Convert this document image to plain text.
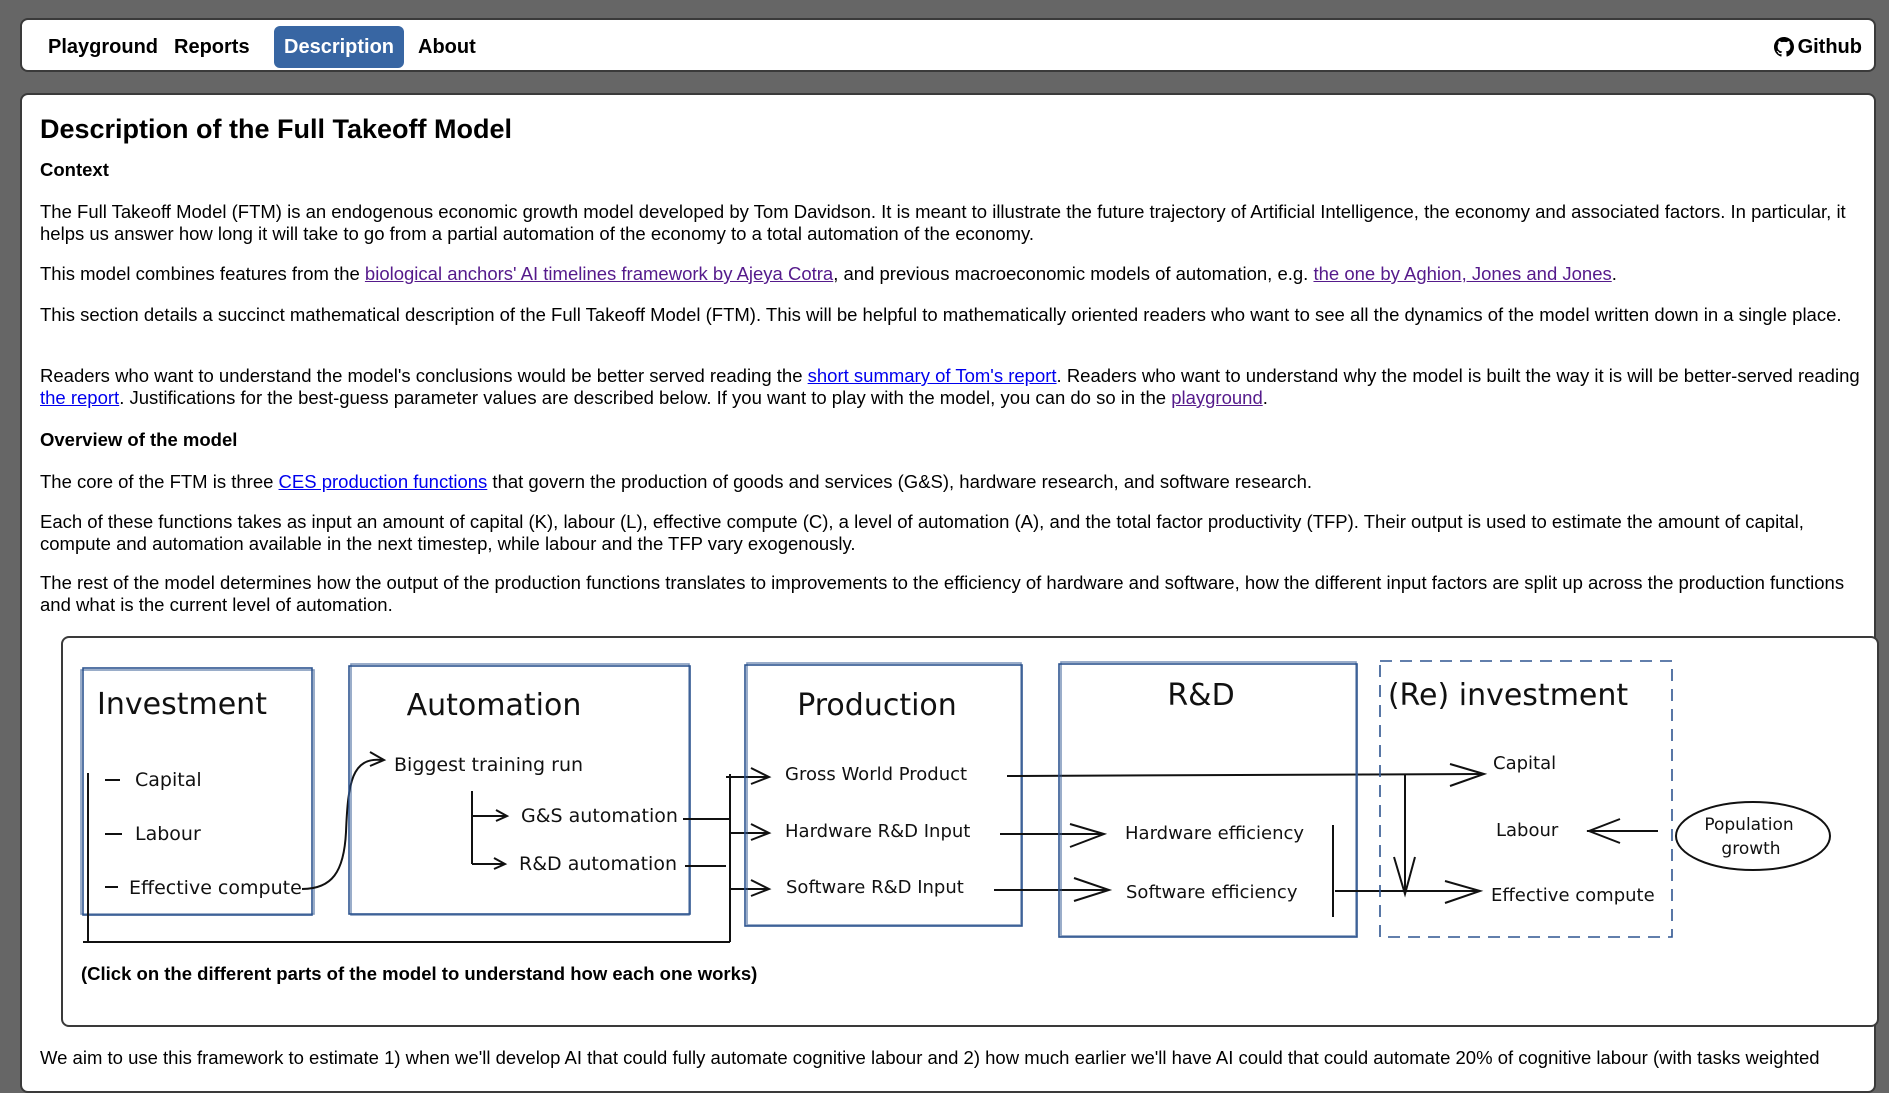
Playground Reports	Description	About	Github
Description of the Full Takeoff Model
Context

The Full Takeoff Model (FTM) is an endogenous economic growth model developed by Tom Davidson. It is meant to illustrate the future trajectory of Artificial Intelligence, the economy and associated factors. In particular, it helps us answer how long it will take to go from a partial automation of the economy to a total automation of the economy.

This model combines features from the biological anchors' AI timelines framework by Ajeya Cotra, and previous macroeconomic models of automation, e.g. the one by Aghion, Jones and Jones.

This section details a succinct mathematical description of the Full Takeoff Model (FTM). This will be helpful to mathematically oriented readers who want to see all the dynamics of the model written down in a single place.

Readers who want to understand the model's conclusions would be better served reading the short summary of Tom's report. Readers who want to understand why the model is built the way it is will be better-served reading the report. Justifications for the best-guess parameter values are described below. If you want to play with the model, you can do so in the playground.

Overview of the model

The core of the FTM is three CES production functions that govern the production of goods and services (G&S), hardware research, and software research.

Each of these functions takes as input an amount of capital (K), labour (L), effective compute (C), a level of automation (A), and the total factor productivity (TFP). Their output is used to estimate the amount of capital, compute and automation available in the next timestep, while labour and the TFP vary exogenously.

The rest of the model determines how the output of the production functions translates to improvements to the efficiency of hardware and software, how the different input factors are split up across the production functions and what is the current level of automation.

Investment
Capital
Labour
Effective compute
Automation
Biggest training run
G&S automation
R&D automation
Production
Gross World Product
Hardware R&D Input
Software R&D Input
R&D
Hardware efficiency
Software efficiency
(Re) investment
Capital
Labour
Effective compute
Population
growth
(Click on the different parts of the model to understand how each one works)

We aim to use this framework to estimate 1) when we'll develop AI that could fully automate cognitive labour and 2) how much earlier we'll have AI could that could automate 20% of cognitive labour (with tasks weighted
